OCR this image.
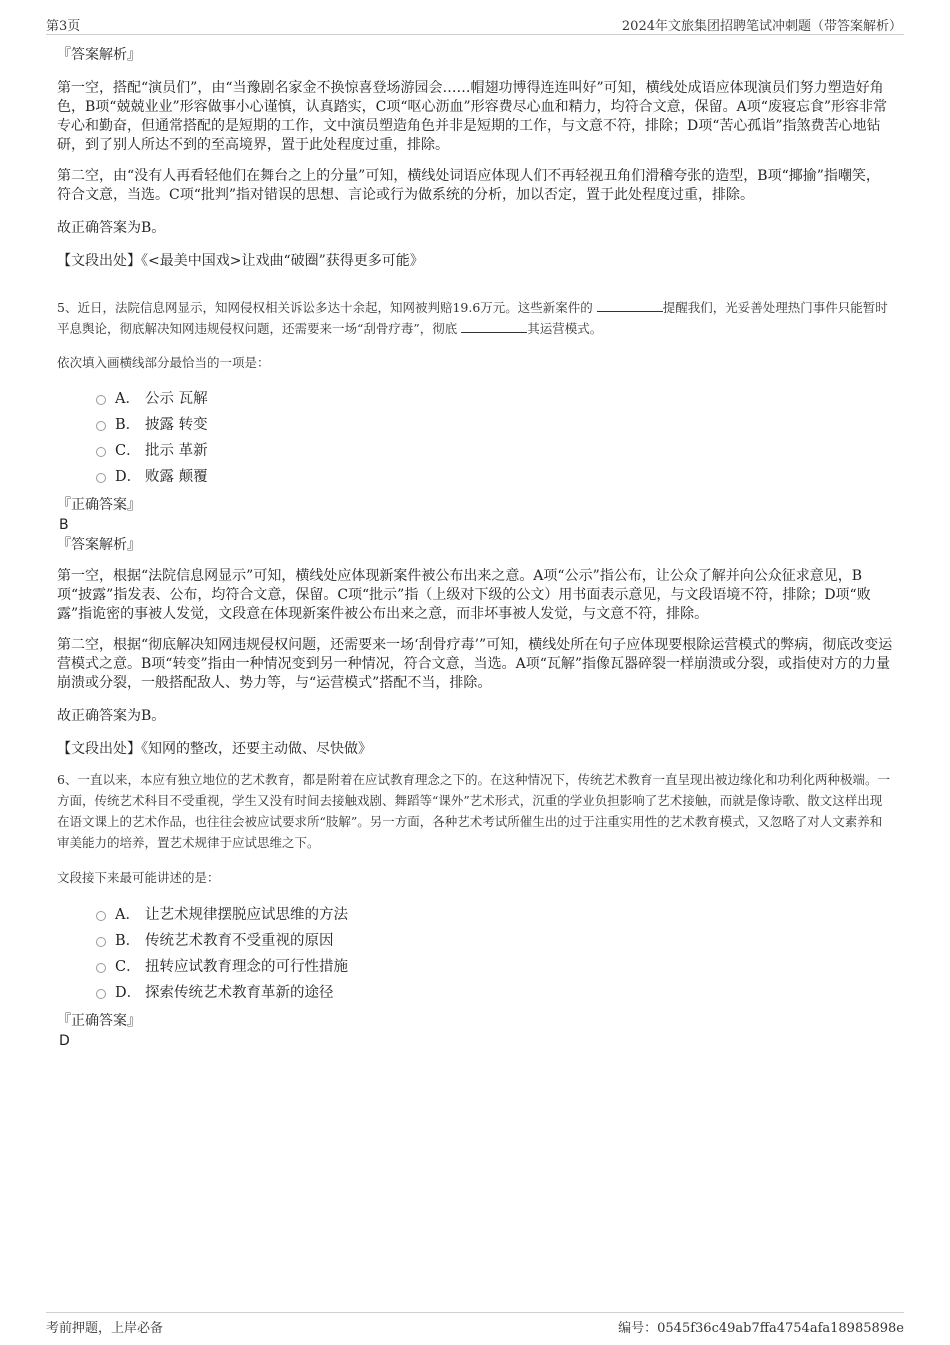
第3页	2024年文旅集团招聘笔试冲刺题（带答案解析）
『答案解析』

第一空，搭配“演员们”，由“当豫剧名家金不换惊喜登场游园会……帽翅功博得连连叫好”可知，横线处成语应体现演员们努力塑造好角色，B项“兢兢业业”形容做事小心谨慎，认真踏实，C项“呕心沥血”形容费尽心血和精力，均符合文意，保留。A项“废寝忘食”形容非常专心和勤奋，但通常搭配的是短期的工作，文中演员塑造角色并非是短期的工作，与文意不符，排除；D项“苦心孤诣”指煞费苦心地钻研，到了别人所达不到的至高境界，置于此处程度过重，排除。

第二空，由“没有人再看轻他们在舞台之上的分量”可知，横线处词语应体现人们不再轻视丑角们滑稽夸张的造型，B项“揶揄”指嘲笑，符合文意，当选。C项“批判”指对错误的思想、言论或行为做系统的分析，加以否定，置于此处程度过重，排除。

故正确答案为B。

【文段出处】《<最美中国戏>让戏曲“破圈”获得更多可能》

5、近日，法院信息网显示，知网侵权相关诉讼多达十余起，知网被判赔19.6万元。这些新案件的	提醒我们，光妥善处理热门事件只能暂时平息舆论，彻底解决知网违规侵权问题，还需要来一场“刮骨疗毒”，彻底	其运营模式。

依次填入画横线部分最恰当的一项是：

A． 公示 瓦解
B． 披露 转变
C． 批示 革新
D． 败露 颠覆
『正确答案』
B
『答案解析』

第一空，根据“法院信息网显示”可知，横线处应体现新案件被公布出来之意。A项“公示”指公布，让公众了解并向公众征求意见，B项“披露”指发表、公布，均符合文意，保留。C项“批示”指（上级对下级的公文）用书面表示意见，与文段语境不符，排除；D项“败露”指诡密的事被人发觉，文段意在体现新案件被公布出来之意，而非坏事被人发觉，与文意不符，排除。

第二空，根据“彻底解决知网违规侵权问题，还需要来一场‘刮骨疗毒’”可知，横线处所在句子应体现要根除运营模式的弊病，彻底改变运营模式之意。B项“转变”指由一种情况变到另一种情况，符合文意，当选。A项“瓦解”指像瓦器碎裂一样崩溃或分裂，或指使对方的力量崩溃或分裂，一般搭配敌人、势力等，与“运营模式”搭配不当，排除。

故正确答案为B。

【文段出处】《知网的整改，还要主动做、尽快做》

6、一直以来，本应有独立地位的艺术教育，都是附着在应试教育理念之下的。在这种情况下，传统艺术教育一直呈现出被边缘化和功利化两种极端。一方面，传统艺术科目不受重视，学生又没有时间去接触戏剧、舞蹈等“课外”艺术形式，沉重的学业负担影响了艺术接触，而就是像诗歌、散文这样出现在语文课上的艺术作品，也往往会被应试要求所“肢解”。另一方面，各种艺术考试所催生出的过于注重实用性的艺术教育模式，又忽略了对人文素养和审美能力的培养，置艺术规律于应试思维之下。

文段接下来最可能讲述的是：

A． 让艺术规律摆脱应试思维的方法
B． 传统艺术教育不受重视的原因
C． 扭转应试教育理念的可行性措施
D． 探索传统艺术教育革新的途径
『正确答案』
D
考前押题，上岸必备	编号：0545f36c49ab7ffa4754afa18985898e
